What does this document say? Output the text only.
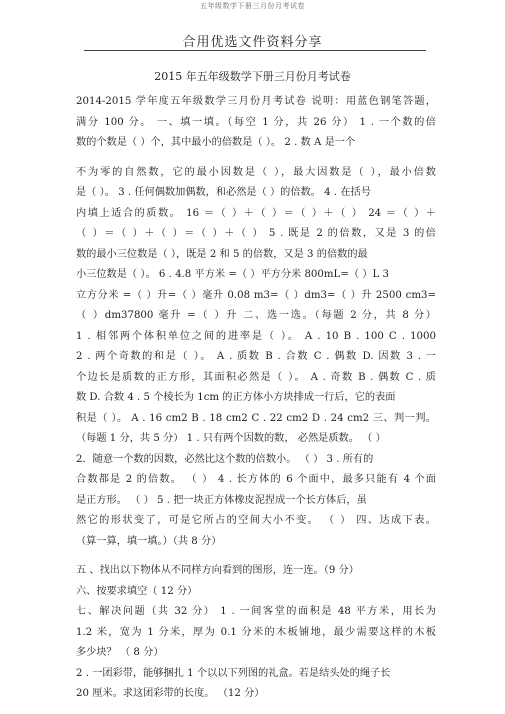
五年级数学下册三月份月考试卷
合用优选文件资料分享
2015 年五年级数学下册三月份月考试卷
2014-2015 学年度五年级数学三月份月考试卷 说明：用蓝色钢笔答题，
满分 100 分。 一、填一填。（每空 1 分，共 26 分） 1 . 一个数的倍
数的个数是（ ）个，其中最小的倍数是（ ）。 2 . 数 A 是一个
不为零的自然数，它的最小因数是（ ），最大因数是（ ），最小倍数
是（ ）。 3 . 任何偶数加偶数，和必然是（ ）的倍数。 4 . 在括号
内填上适合的质数。 16 ＝（ ）＋（ ）＝（ ）＋（ ） 24 ＝（ ）＋
（ ）＝（ ）＋（ ）＝（ ）＋（ ） 5 . 既是 2 的倍数，又是 3 的倍
数的最小三位数是（ ），既是 2 和 5 的倍数，又是 3 的倍数的最
小三位数是（ ）。 6 . 4.8 平方米 =（ ）平方分米 800mL=（ ）L 3
立方分米 =（ ）升=（ ）毫升 0.08 m3=（ ）dm3=（ ）升 2500 cm3=
（ ）dm37800 毫升 =（ ）升 二、选一选。（每题 2 分，共 8 分）
1 . 相邻两个体积单位之间的进率是（ ）。 A . 10 B . 100 C . 1000
2 . 两个奇数的和是（ ）。 A . 质数 B . 合数 C . 偶数 D. 因数 3 . 一
个边长是质数的正方形，其面积必然是（ ）。 A . 奇数 B . 偶数 C . 质
数 D. 合数 4 . 5 个棱长为 1cm 的正方体小方块排成一行后，它的表面
积是（ ）。 A . 16 cm2 B . 18 cm2 C . 22 cm2 D . 24 cm2 三、判一判。
（每题 1 分，共 5 分） 1 . 只有两个因数的数， 必然是质数。 （ ）
2．随意一个数的因数，必然比这个数的倍数小。 （ ） 3 . 所有的
合数都是 2 的倍数。 （ ） 4 . 长方体的 6 个面中，最多只能有 4 个面
是正方形。 （ ） 5 . 把一块正方体橡皮泥捏成一个长方体后，虽
然它的形状变了，可是它所占的空间大小不变。 （ ） 四、达成下表。
（算一算，填一填。）（共 8 分）
五 、找出以下物体从不同样方向看到的图形，连一连。（9 分）
六、按要求填空（ 12 分）
七、解决问题（共 32 分） 1 . 一间客堂的面积是 48 平方米，用长为
1.2 米，宽为 1 分米，厚为 0.1 分米的木板铺地，最少需要这样的木板
多少块？ （ 8 分）
2 . 一团彩带，能够捆扎 1 个以以下列图的礼盒。若是结头处的绳子长
20 厘米。求这团彩带的长度。 （12 分）
